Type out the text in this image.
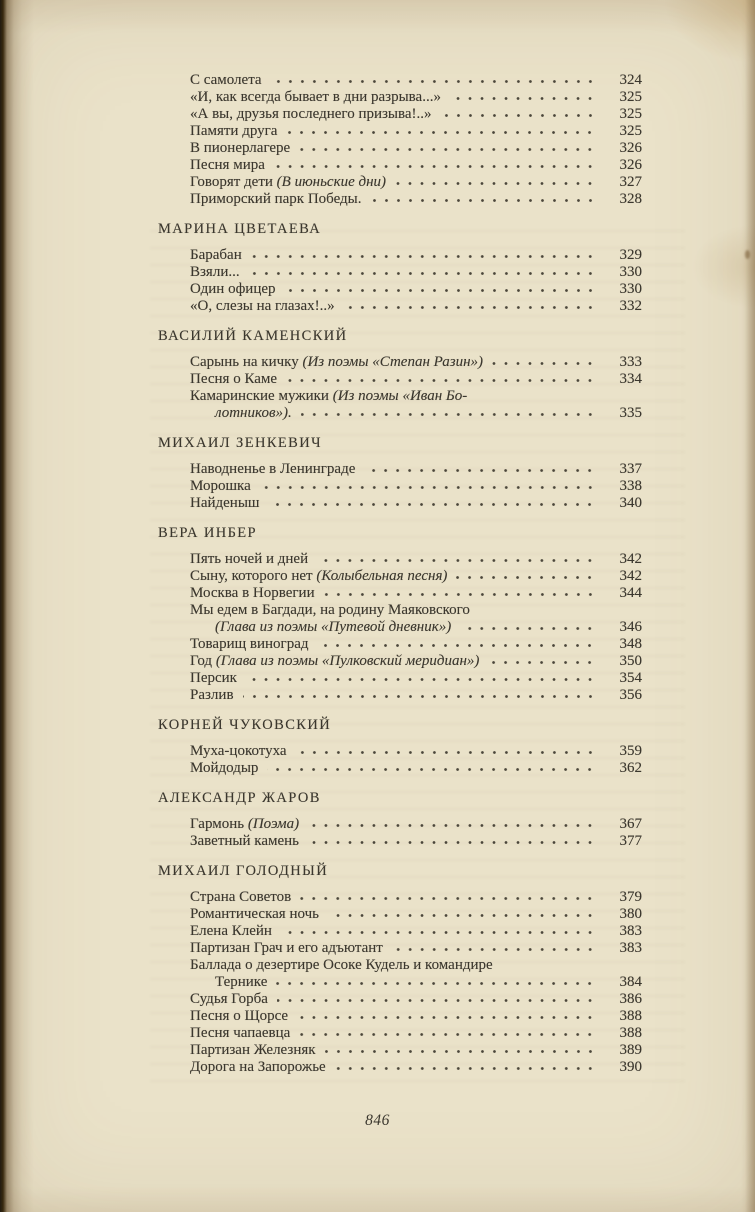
С самолета	324
«И, как всегда бывает в дни разрыва...»	325
«А вы, друзья последнего призыва!..»	325
Памяти друга	325
В пионерлагере	326
Песня мира	326
Говорят дети (В июньские дни)	327
Приморский парк Победы.	328
МАРИНА ЦВЕТАЕВА
Барабан	329
Взяли...	330
Один офицер	330
«О, слезы на глазах!..»	332
ВАСИЛИЙ КАМЕНСКИЙ
Сарынь на кичку (Из поэмы «Степан Разин»)	333
Песня о Каме	334
Камаринские мужики (Из поэмы «Иван Бо-
лотников»).	335
МИХАИЛ ЗЕНКЕВИЧ
Наводненье в Ленинграде	337
Морошка	338
Найденыш	340
ВЕРА ИНБЕР
Пять ночей и дней	342
Сыну, которого нет (Колыбельная песня)	342
Москва в Норвегии	344
Мы едем в Багдади, на родину Маяковского
(Глава из поэмы «Путевой дневник»)	346
Товарищ виноград	348
Год (Глава из поэмы «Пулковский меридиан»)	350
Персик	354
Разлив	356
КОРНЕЙ ЧУКОВСКИЙ
Муха-цокотуха	359
Мойдодыр	362
АЛЕКСАНДР ЖАРОВ
Гармонь (Поэма)	367
Заветный камень	377
МИХАИЛ ГОЛОДНЫЙ
Страна Советов	379
Романтическая ночь	380
Елена Клейн	383
Партизан Грач и его адъютант	383
Баллада о дезертире Осоке Кудель и командире
Тернике	384
Судья Горба	386
Песня о Щорсе	388
Песня чапаевца	388
Партизан Железняк	389
Дорога на Запорожье	390
846
